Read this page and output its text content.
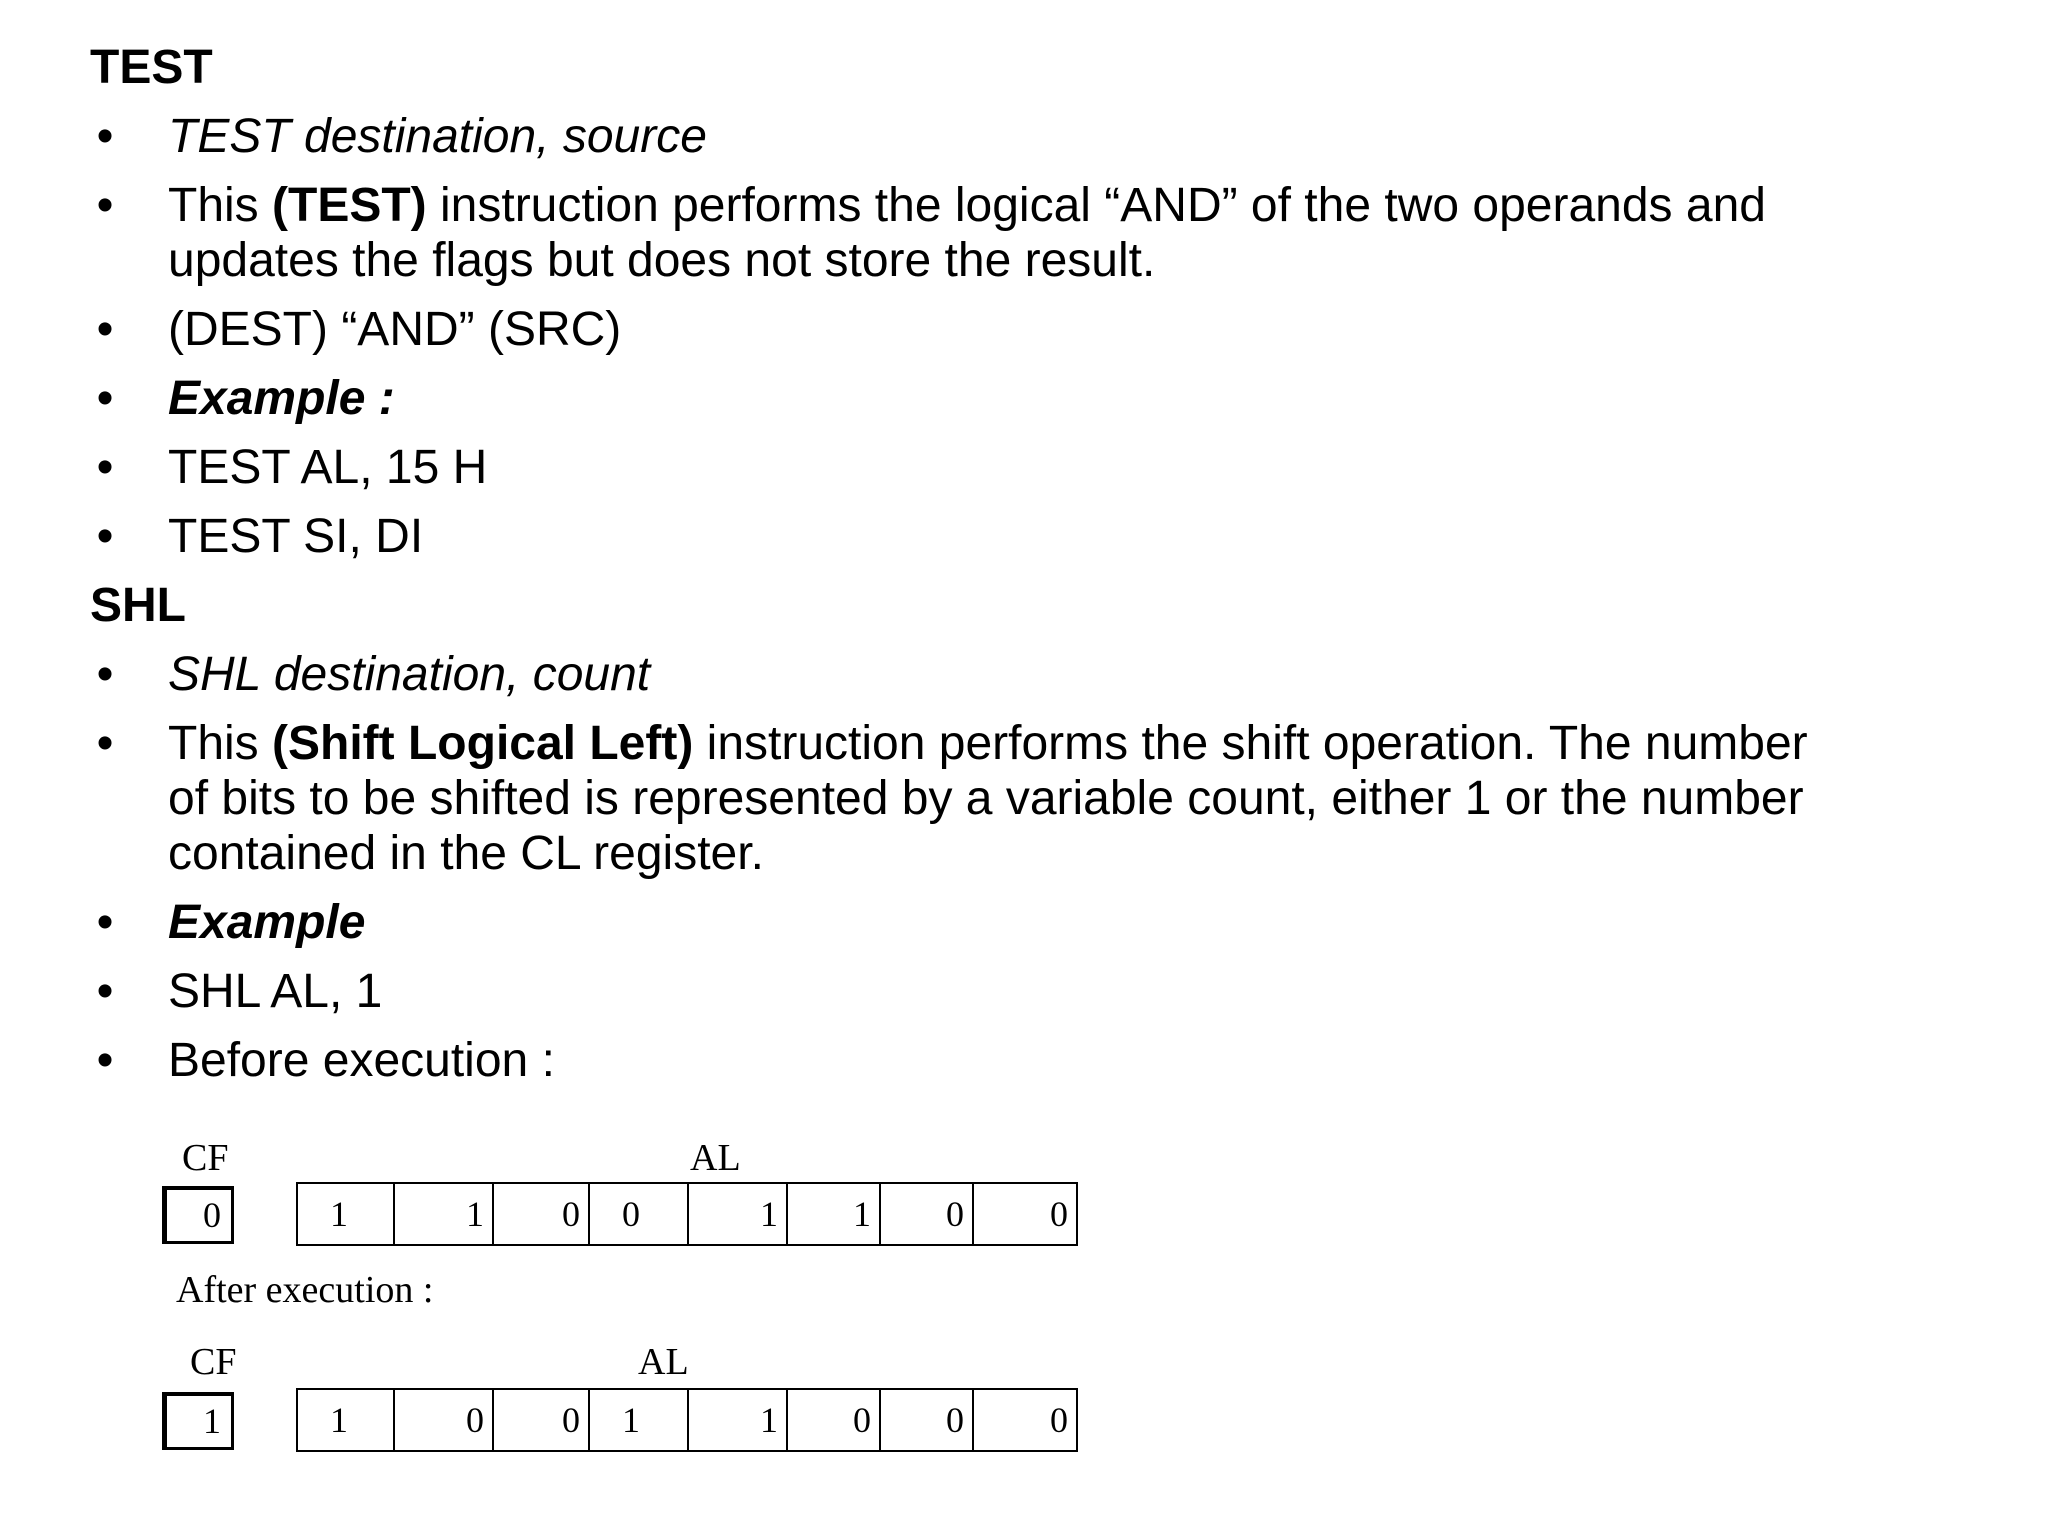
TEST
• TEST destination, source
• This (TEST) instruction performs the logical “AND” of the two operands and
updates the flags but does not store the result.
• (DEST) “AND” (SRC)
• Example :
• TEST AL, 15 H
• TEST SI, DI
SHL
• SHL destination, count
• This (Shift Logical Left) instruction performs the shift operation. The number
of bits to be shifted is represented by a variable count, either 1 or the number
contained in the CL register.
• Example
• SHL AL, 1
• Before execution :
CF	AL
0	1	1 0 0	1 1 0 0
After execution :
CF	AL
1	1	0 0 1	1 0 0 0
